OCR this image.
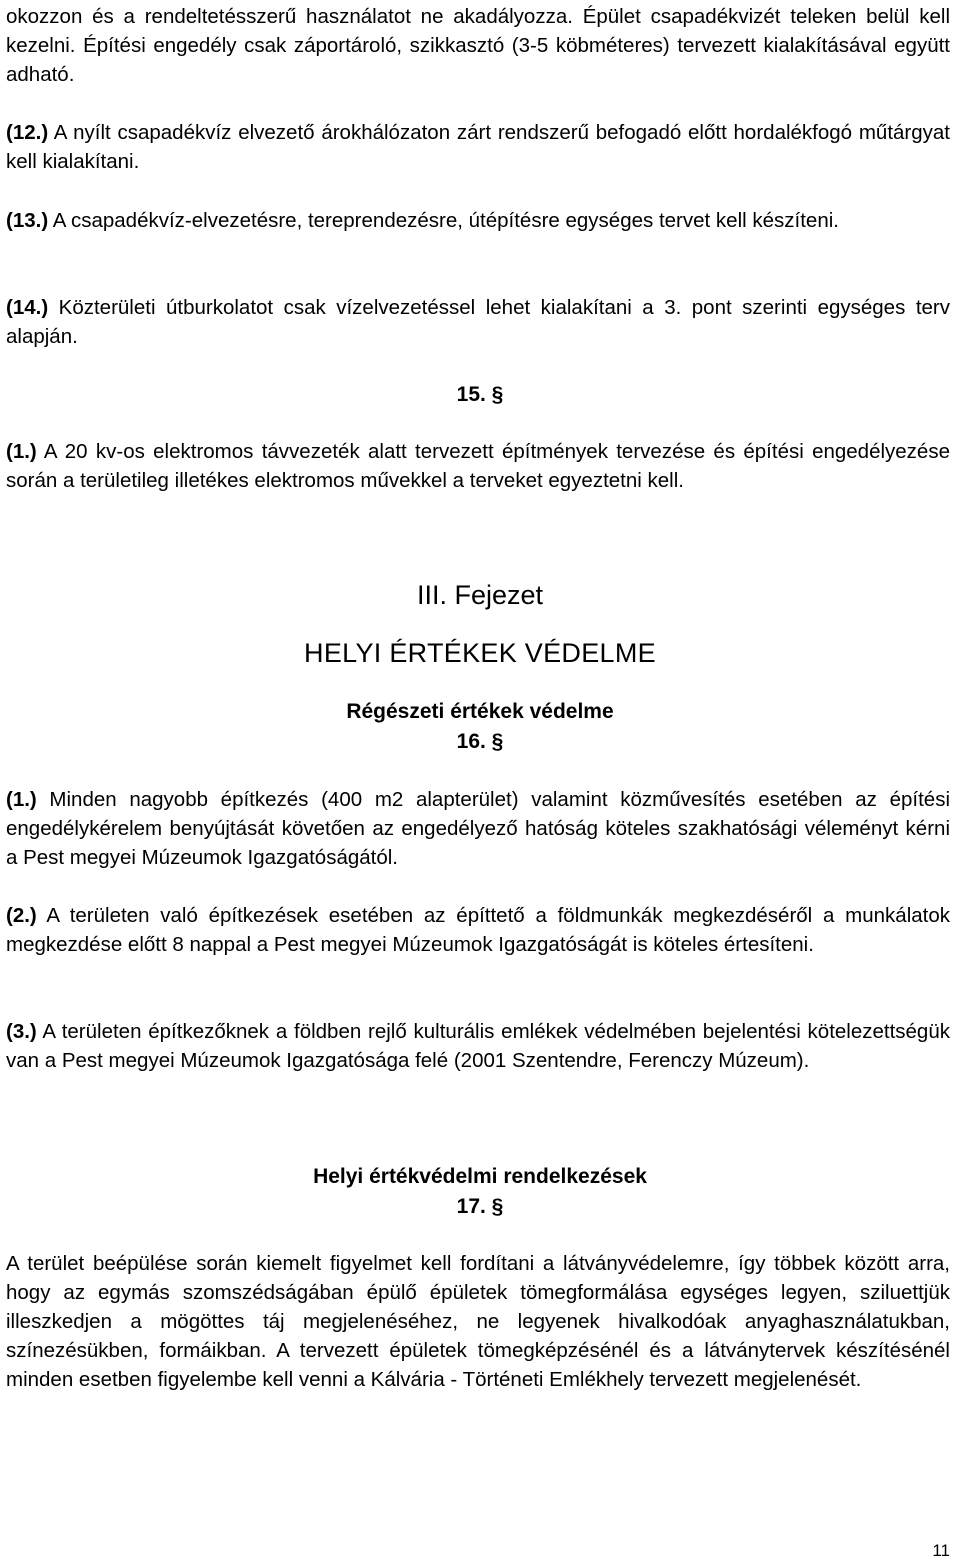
okozzon és a rendeltetésszerű használatot ne akadályozza. Épület csapadékvizét teleken belül kell kezelni. Építési engedély csak záportároló, szikkasztó (3-5 köbméteres) tervezett kialakításával együtt adható.

(12.) A nyílt csapadékvíz elvezető árokhálózaton zárt rendszerű befogadó előtt hordalékfogó műtárgyat kell kialakítani.

(13.) A csapadékvíz-elvezetésre, tereprendezésre, útépítésre egységes tervet kell készíteni.

(14.) Közterületi útburkolatot csak vízelvezetéssel lehet kialakítani a 3. pont szerinti egységes terv alapján.

15. §

(1.) A 20 kv-os elektromos távvezeték alatt tervezett építmények tervezése és építési engedélyezése során a területileg illetékes elektromos művekkel a terveket egyeztetni kell.

III. Fejezet

HELYI ÉRTÉKEK VÉDELME

Régészeti értékek védelme

16. §

(1.) Minden nagyobb építkezés (400 m2 alapterület) valamint közművesítés esetében az építési engedélykérelem benyújtását követően az engedélyező hatóság köteles szakhatósági véleményt kérni a Pest megyei Múzeumok Igazgatóságától.

(2.) A területen való építkezések esetében az építtető a földmunkák megkezdéséről a munkálatok megkezdése előtt 8 nappal a Pest megyei Múzeumok Igazgatóságát is köteles értesíteni.

(3.) A területen építkezőknek a földben rejlő kulturális emlékek védelmében bejelentési kötelezettségük van a Pest megyei Múzeumok Igazgatósága felé (2001 Szentendre, Ferenczy Múzeum).

Helyi értékvédelmi rendelkezések

17. §

A terület beépülése során kiemelt figyelmet kell fordítani a látványvédelemre, így többek között arra, hogy az egymás szomszédságában épülő épületek tömegformálása egységes legyen, sziluettjük illeszkedjen a mögöttes táj megjelenéséhez, ne legyenek hivalkodóak anyaghasználatukban, színezésükben, formáikban. A tervezett épületek tömegképzésénél és a látványtervek készítésénél minden esetben figyelembe kell venni a Kálvária - Történeti Emlékhely tervezett megjelenését.

11
